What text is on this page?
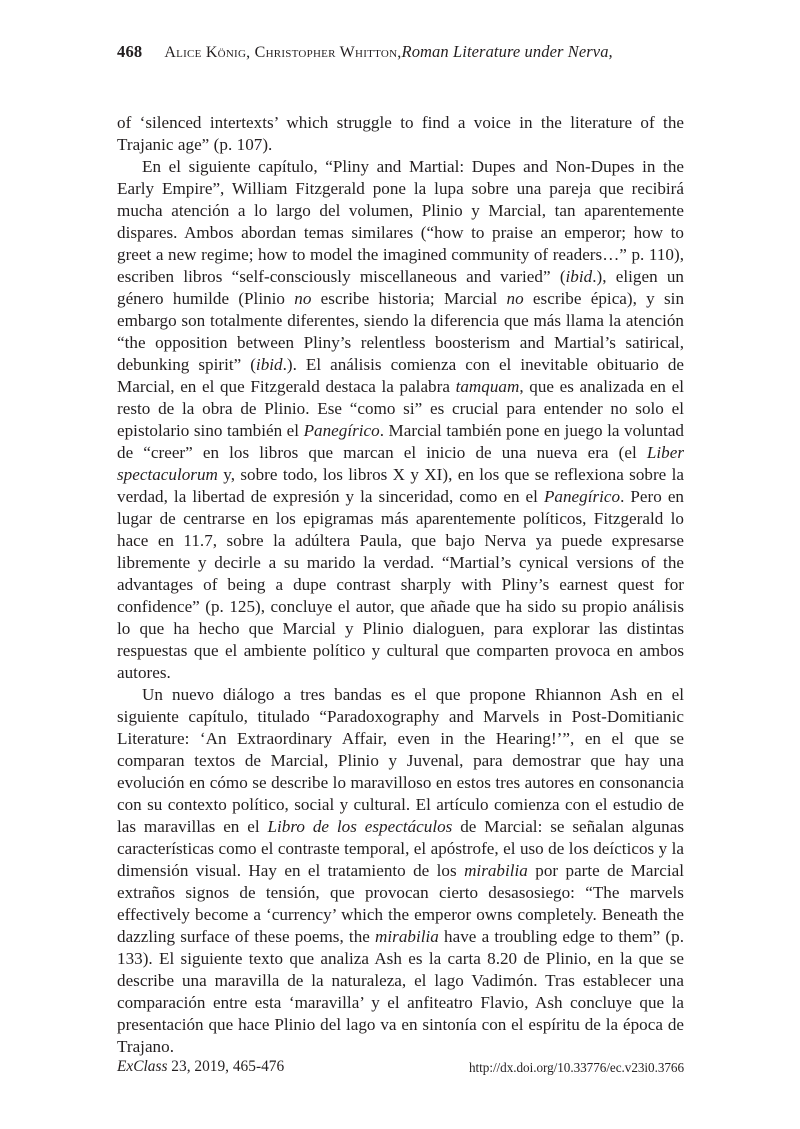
468 Alice König, Christopher Whitton, Roman Literature under Nerva,

of ‘silenced intertexts’ which struggle to find a voice in the literature of the Trajanic age” (p. 107).

En el siguiente capítulo, “Pliny and Martial: Dupes and Non-Dupes in the Early Empire”, William Fitzgerald pone la lupa sobre una pareja que recibirá mucha atención a lo largo del volumen, Plinio y Marcial, tan aparentemente dispares. Ambos abordan temas similares (“how to praise an emperor; how to greet a new regime; how to model the imagined community of readers…” p. 110), escriben libros “self-consciously miscellaneous and varied” (ibid.), eligen un género humilde (Plinio no escribe historia; Marcial no escribe épica), y sin embargo son totalmente diferentes, siendo la diferencia que más llama la atención “the opposition between Pliny’s relentless boosterism and Martial’s satirical, debunking spirit” (ibid.). El análisis comienza con el inevitable obituario de Marcial, en el que Fitzgerald destaca la palabra tamquam, que es analizada en el resto de la obra de Plinio. Ese “como si” es crucial para entender no solo el epistolario sino también el Panegírico. Marcial también pone en juego la voluntad de “creer” en los libros que marcan el inicio de una nueva era (el Liber spectaculorum y, sobre todo, los libros X y XI), en los que se reflexiona sobre la verdad, la libertad de expresión y la sinceridad, como en el Panegírico. Pero en lugar de centrarse en los epigramas más aparentemente políticos, Fitzgerald lo hace en 11.7, sobre la adúltera Paula, que bajo Nerva ya puede expresarse libremente y decirle a su marido la verdad. “Martial’s cynical versions of the advantages of being a dupe contrast sharply with Pliny’s earnest quest for confidence” (p. 125), concluye el autor, que añade que ha sido su propio análisis lo que ha hecho que Marcial y Plinio dialoguen, para explorar las distintas respuestas que el ambiente político y cultural que comparten provoca en ambos autores.

Un nuevo diálogo a tres bandas es el que propone Rhiannon Ash en el siguiente capítulo, titulado “Paradoxography and Marvels in Post-Domitianic Literature: ‘An Extraordinary Affair, even in the Hearing!’”, en el que se comparan textos de Marcial, Plinio y Juvenal, para demostrar que hay una evolución en cómo se describe lo maravilloso en estos tres autores en consonancia con su contexto político, social y cultural. El artículo comienza con el estudio de las maravillas en el Libro de los espectáculos de Marcial: se señalan algunas características como el contraste temporal, el apóstrofe, el uso de los deícticos y la dimensión visual. Hay en el tratamiento de los mirabilia por parte de Marcial extraños signos de tensión, que provocan cierto desasosiego: “The marvels effectively become a ‘currency’ which the emperor owns completely. Beneath the dazzling surface of these poems, the mirabilia have a troubling edge to them” (p. 133). El siguiente texto que analiza Ash es la carta 8.20 de Plinio, en la que se describe una maravilla de la naturaleza, el lago Vadimón. Tras establecer una comparación entre esta ‘maravilla’ y el anfiteatro Flavio, Ash concluye que la presentación que hace Plinio del lago va en sintonía con el espíritu de la época de Trajano.

ExClass 23, 2019, 465-476	http://dx.doi.org/10.33776/ec.v23i0.3766
